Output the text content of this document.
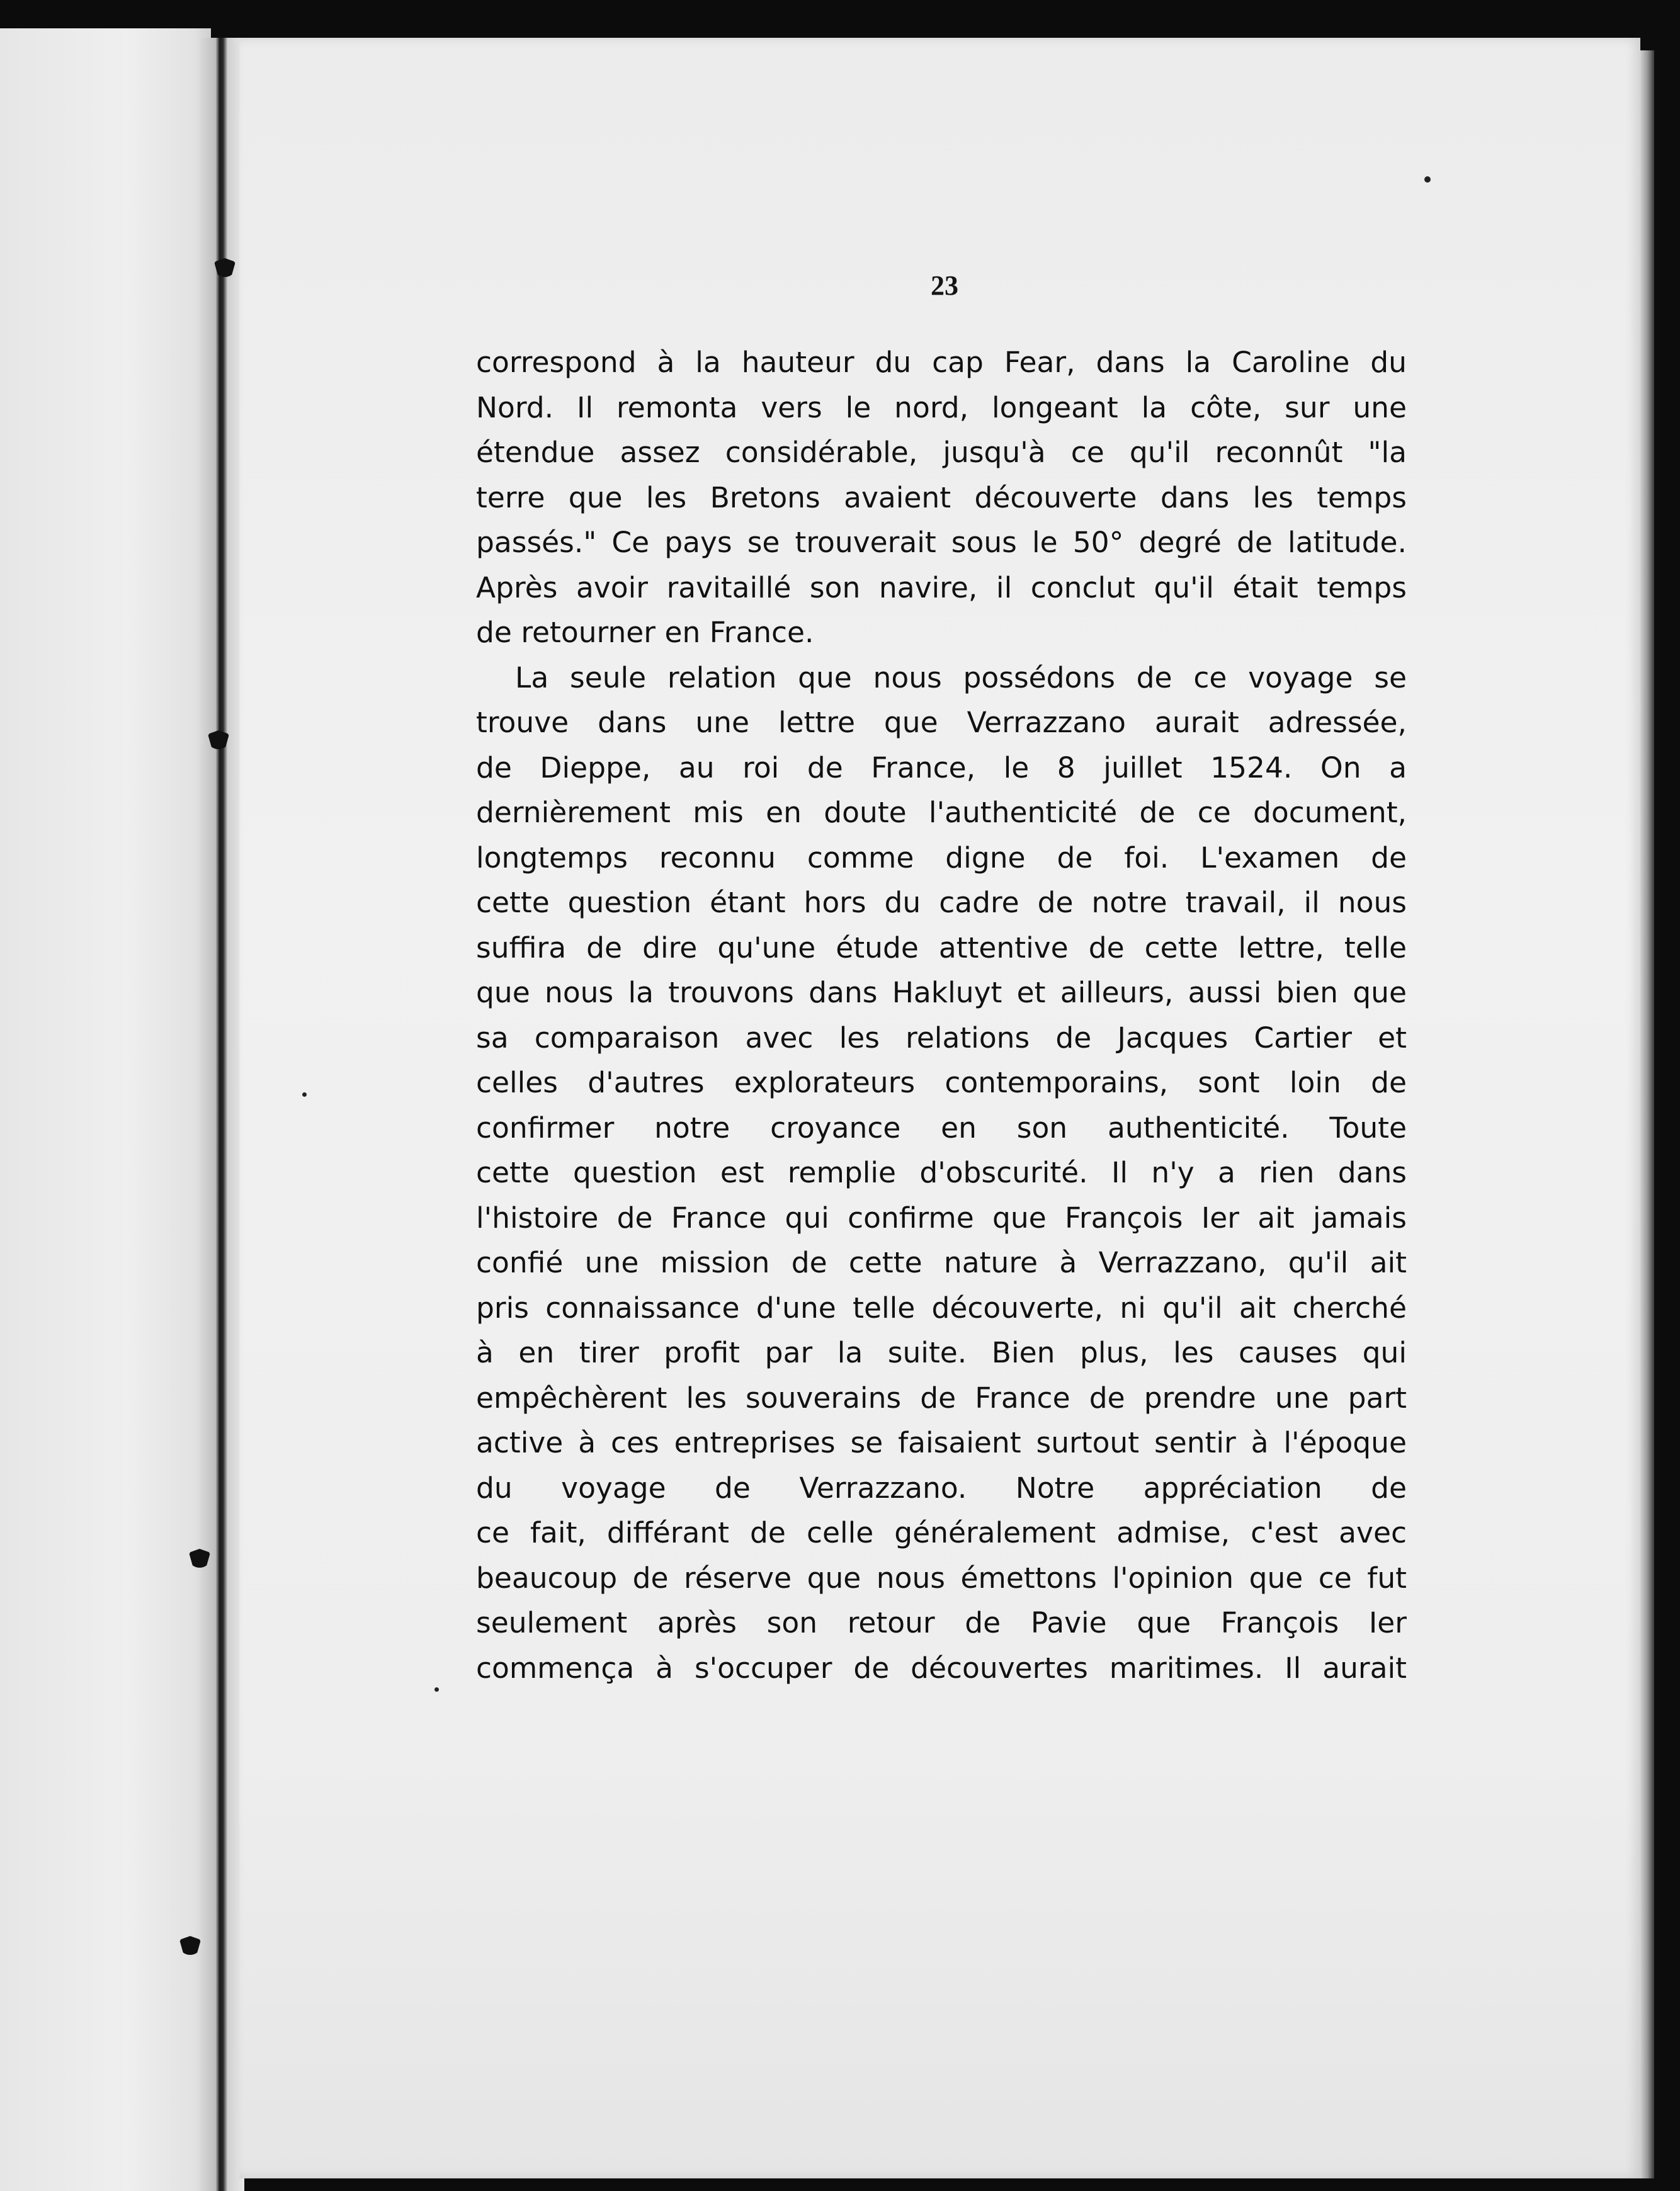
23
correspond à la hauteur du cap Fear, dans la Caroline du
Nord. Il remonta vers le nord, longeant la côte, sur une
étendue assez considérable, jusqu'à ce qu'il reconnût "la
terre que les Bretons avaient découverte dans les temps
passés." Ce pays se trouverait sous le 50° degré de latitude.
Après avoir ravitaillé son navire, il conclut qu'il était temps
de retourner en France.
La seule relation que nous possédons de ce voyage se
trouve dans une lettre que Verrazzano aurait adressée,
de Dieppe, au roi de France, le 8 juillet 1524. On a
dernièrement mis en doute l'authenticité de ce document,
longtemps reconnu comme digne de foi. L'examen de
cette question étant hors du cadre de notre travail, il nous
suffira de dire qu'une étude attentive de cette lettre, telle
que nous la trouvons dans Hakluyt et ailleurs, aussi bien que
sa comparaison avec les relations de Jacques Cartier et
celles d'autres explorateurs contemporains, sont loin de
confirmer notre croyance en son authenticité. Toute
cette question est remplie d'obscurité. Il n'y a rien dans
l'histoire de France qui confirme que François Ier ait jamais
confié une mission de cette nature à Verrazzano, qu'il ait
pris connaissance d'une telle découverte, ni qu'il ait cherché
à en tirer profit par la suite. Bien plus, les causes qui
empêchèrent les souverains de France de prendre une part
active à ces entreprises se faisaient surtout sentir à l'époque
du voyage de Verrazzano. Notre appréciation de
ce fait, différant de celle généralement admise, c'est avec
beaucoup de réserve que nous émettons l'opinion que ce fut
seulement après son retour de Pavie que François Ier
commença à s'occuper de découvertes maritimes. Il aurait
